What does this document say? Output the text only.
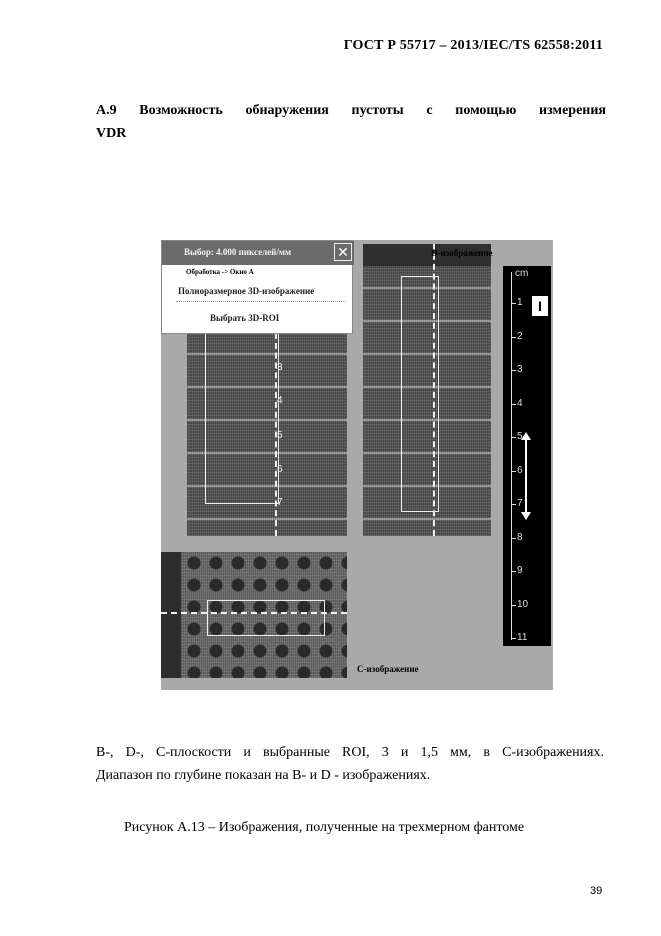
ГОСТ Р 55717 – 2013/IEC/TS 62558:2011
А.9 Возможность обнаружения пустоты с помощью измерения
VDR
3
4
5
6
7
D-изображение
С-изображение
cm
I
1
2
3
4
5
6
7
8
9
10
11
Выбор: 4.000 пикселей/мм	✕
Обработка -> Окно А
Полноразмерное 3D-изображение
Выбрать 3D-ROI
B-, D-, C-плоскости и выбранные ROI, 3 и 1,5 мм, в C-изображениях.
Диапазон по глубине показан на B- и D - изображениях.
Рисунок А.13 – Изображения, полученные на трехмерном фантоме
39
